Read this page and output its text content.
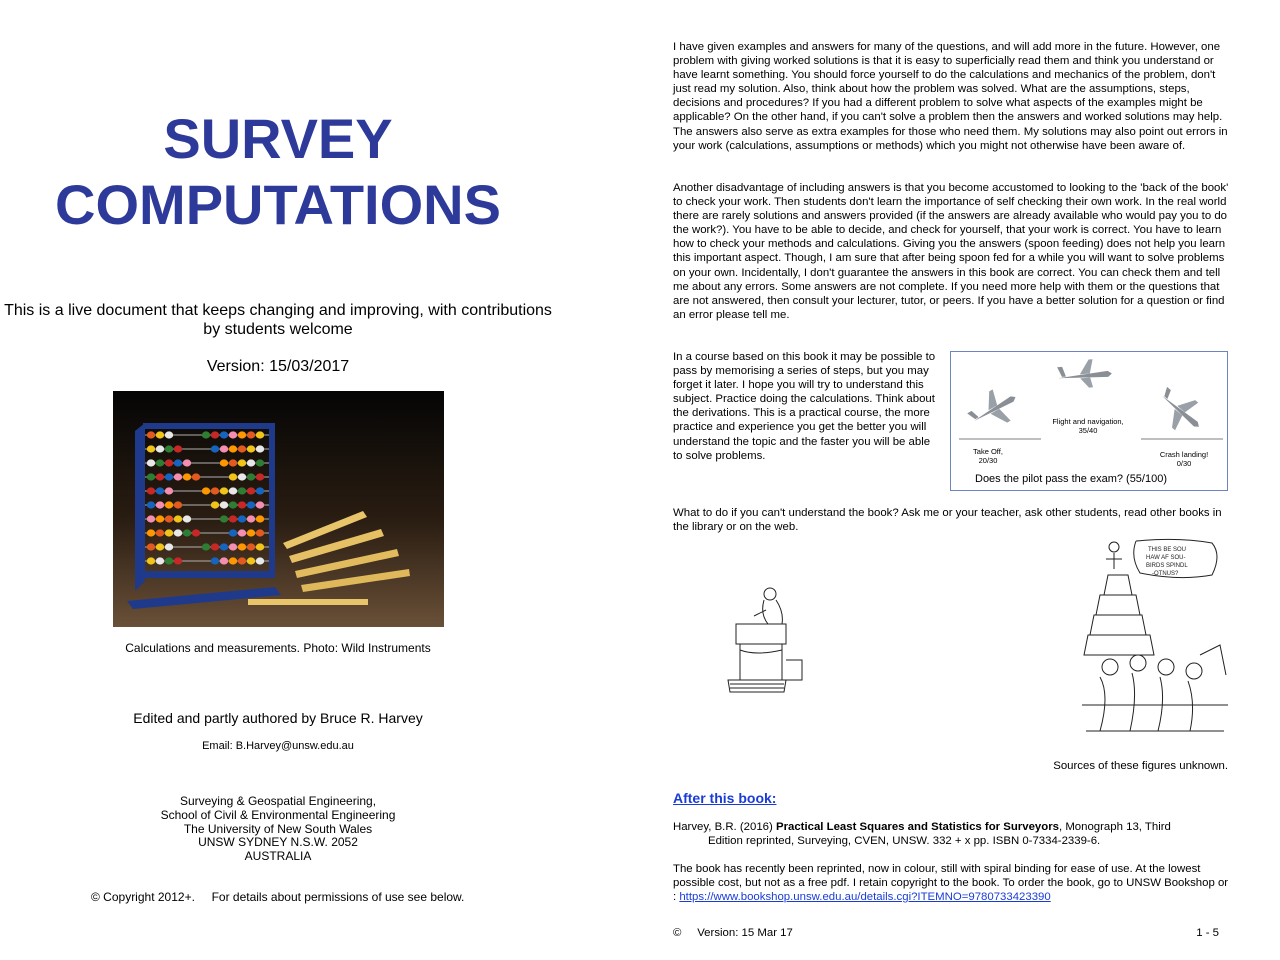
SURVEY
COMPUTATIONS
This is a live document that keeps changing and improving, with contributions by students welcome
Version: 15/03/2017
Calculations and measurements. Photo: Wild Instruments
Edited and partly authored by Bruce R. Harvey
Email: B.Harvey@unsw.edu.au
Surveying & Geospatial Engineering,
School of Civil & Environmental Engineering
The University of New South Wales
UNSW SYDNEY N.S.W. 2052
AUSTRALIA
© Copyright 2012+.     For details about permissions of use see below.
I have given examples and answers for many of the questions, and will add more in the future. However, one problem with giving worked solutions is that it is easy to superficially read them and think you understand or have learnt something. You should force yourself to do the calculations and mechanics of the problem, don't just read my solution. Also, think about how the problem was solved. What are the assumptions, steps, decisions and procedures? If you had a different problem to solve what aspects of the examples might be applicable? On the other hand, if you can't solve a problem then the answers and worked solutions may help. The answers also serve as extra examples for those who need them. My solutions may also point out errors in your work (calculations, assumptions or methods) which you might not otherwise have been aware of.
Another disadvantage of including answers is that you become accustomed to looking to the 'back of the book' to check your work. Then students don't learn the importance of self checking their own work. In the real world there are rarely solutions and answers provided (if the answers are already available who would pay you to do the work?). You have to be able to decide, and check for yourself, that your work is correct. You have to learn how to check your methods and calculations. Giving you the answers (spoon feeding) does not help you learn this important aspect. Though, I am sure that after being spoon fed for a while you will want to solve problems on your own. Incidentally, I don't guarantee the answers in this book are correct. You can check them and tell me about any errors. Some answers are not complete. If you need more help with them or the questions that are not answered, then consult your lecturer, tutor, or peers. If you have a better solution for a question or find an error please tell me.
In a course based on this book it may be possible to pass by memorising a series of steps, but you may forget it later. I hope you will try to understand this subject. Practice doing the calculations. Think about the derivations. This is a practical course, the more practice and experience you get the better you will understand the topic and the faster you will be able to solve problems.	Take Off,
20/30
Flight and navigation,
35/40
Crash landing!
0/30
Does the pilot pass the exam? (55/100)
What to do if you can't understand the book? Ask me or your teacher, ask other students, read other books in the library or on the web.
THIS BE SOU
HAW AF SOU-
BIRDS SPINDL
-OTNUS?
Sources of these figures unknown.
After this book:
Harvey, B.R. (2016) Practical Least Squares and Statistics for Surveyors, Monograph 13, Third
Edition reprinted, Surveying, CVEN, UNSW. 332 + x pp. ISBN 0-7334-2339-6.
The book has recently been reprinted, now in colour, still with spiral binding for ease of use. At the lowest possible cost, but not as a free pdf. I retain copyright to the book. To order the book, go to UNSW Bookshop or : https://www.bookshop.unsw.edu.au/details.cgi?ITEMNO=9780733423390
©     Version: 15 Mar 17	1 - 5
